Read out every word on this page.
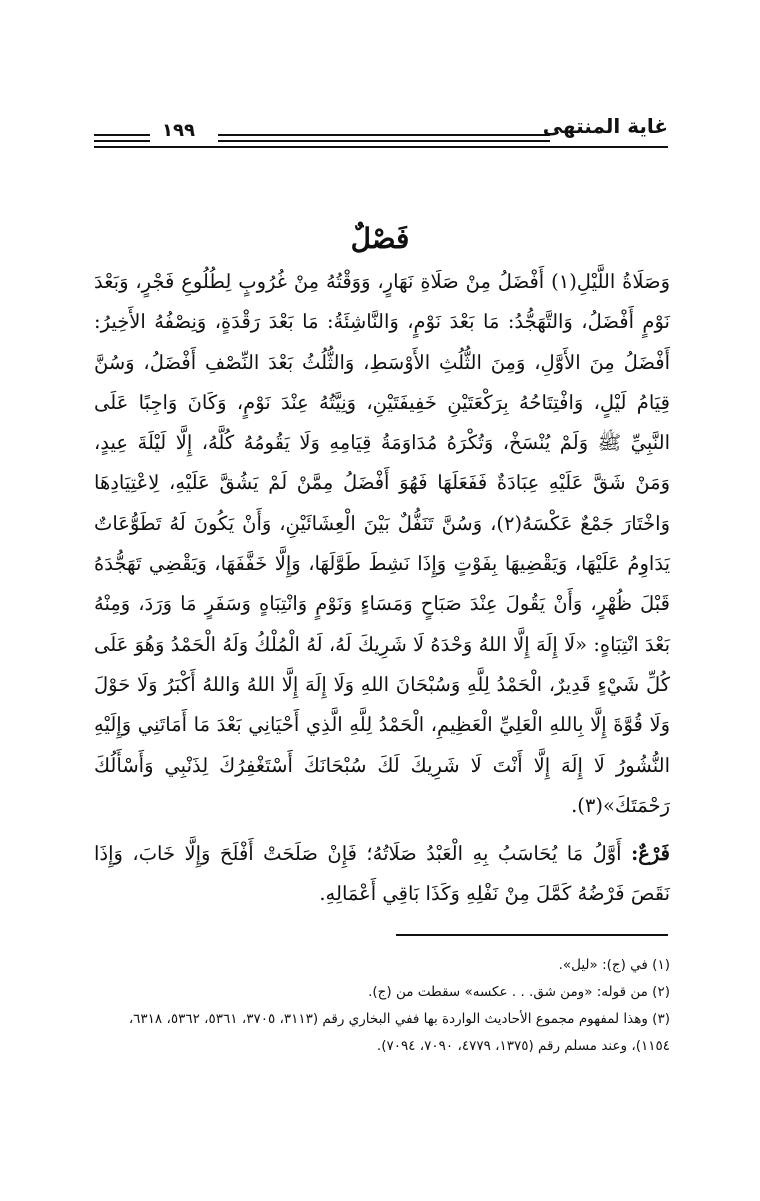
غاية المنتهى
١٩٩
فَصْلٌ

وَصَلَاةُ اللَّيْلِ(١) أَفْضَلُ مِنْ صَلَاةِ نَهَارٍ، وَوَقْتُهُ مِنْ غُرُوبٍ لِطُلُوعِ فَجْرٍ، وَبَعْدَ نَوْمٍ أَفْضَلُ، وَالتَّهَجُّدُ: مَا بَعْدَ نَوْمٍ، وَالنَّاشِئَةُ: مَا بَعْدَ رَقْدَةٍ، وَنِصْفُهُ الأَخِيرُ: أَفْضَلُ مِنَ الأَوَّلِ، وَمِنَ الثُّلُثِ الأَوْسَطِ، وَالثُّلُثُ بَعْدَ النِّصْفِ أَفْضَلُ، وَسُنَّ قِيَامُ لَيْلٍ، وَافْتِتَاحُهُ بِرَكْعَتَيْنِ خَفِيفَتَيْنِ، وَنِيَّتُهُ عِنْدَ نَوْمٍ، وَكَانَ وَاجِبًا عَلَى النَّبِيِّ ﷺ وَلَمْ يُنْسَخْ، وَتُكْرَهُ مُدَاوَمَةُ قِيَامِهِ وَلَا يَقُومُهُ كُلَّهُ، إِلَّا لَيْلَةَ عِيدٍ، وَمَنْ شَقَّ عَلَيْهِ عِبَادَةٌ فَفَعَلَهَا فَهُوَ أَفْضَلُ مِمَّنْ لَمْ يَشُقَّ عَلَيْهِ، لِاعْتِيَادِهَا وَاخْتَارَ جَمْعٌ عَكْسَهُ(٢)، وَسُنَّ تَنَفُّلٌ بَيْنَ الْعِشَائَيْنِ، وَأَنْ يَكُونَ لَهُ تَطَوُّعَاتٌ يَدَاوِمُ عَلَيْهَا، وَيَقْضِيهَا بِفَوْتٍ وَإِذَا نَشِطَ طَوَّلَهَا، وَإِلَّا خَفَّفَهَا، وَيَقْضِي تَهَجُّدَهُ قَبْلَ ظُهْرٍ، وَأَنْ يَقُولَ عِنْدَ صَبَاحٍ وَمَسَاءٍ وَنَوْمٍ وَانْتِبَاهٍ وَسَفَرٍ مَا وَرَدَ، وَمِنْهُ بَعْدَ انْتِبَاهٍ: «لَا إِلَهَ إِلَّا اللهُ وَحْدَهُ لَا شَرِيكَ لَهُ، لَهُ الْمُلْكُ وَلَهُ الْحَمْدُ وَهُوَ عَلَى كُلِّ شَيْءٍ قَدِيرٌ، الْحَمْدُ لِلَّهِ وَسُبْحَانَ اللهِ وَلَا إِلَهَ إِلَّا اللهُ وَاللهُ أَكْبَرُ وَلَا حَوْلَ وَلَا قُوَّةَ إِلَّا بِاللهِ الْعَلِيِّ الْعَظِيمِ، الْحَمْدُ لِلَّهِ الَّذِي أَحْيَانِي بَعْدَ مَا أَمَاتَنِي وَإِلَيْهِ النُّشُورُ لَا إِلَهَ إِلَّا أَنْتَ لَا شَرِيكَ لَكَ سُبْحَانَكَ أَسْتَغْفِرُكَ لِذَنْبِي وَأَسْأَلُكَ رَحْمَتَكَ»(٣).

فَرْعٌ: أَوَّلُ مَا يُحَاسَبُ بِهِ الْعَبْدُ صَلَاتُهُ؛ فَإِنْ صَلَحَتْ أَفْلَحَ وَإِلَّا خَابَ، وَإِذَا نَقَصَ فَرْضُهُ كَمَّلَ مِنْ نَفْلِهِ وَكَذَا بَاقِي أَعْمَالِهِ.

(١) في (ج): «ليل».

(٢) من قوله: «ومن شق. . . عكسه» سقطت من (ج).

(٣) وهذا لمفهوم مجموع الأحاديث الواردة بها ففي البخاري رقم (٣١١٣، ٣٧٠٥، ٥٣٦١، ٥٣٦٢، ٦٣١٨، ١١٥٤)، وعند مسلم رقم (١٣٧٥، ٤٧٧٩، ٧٠٩٠، ٧٠٩٤).
